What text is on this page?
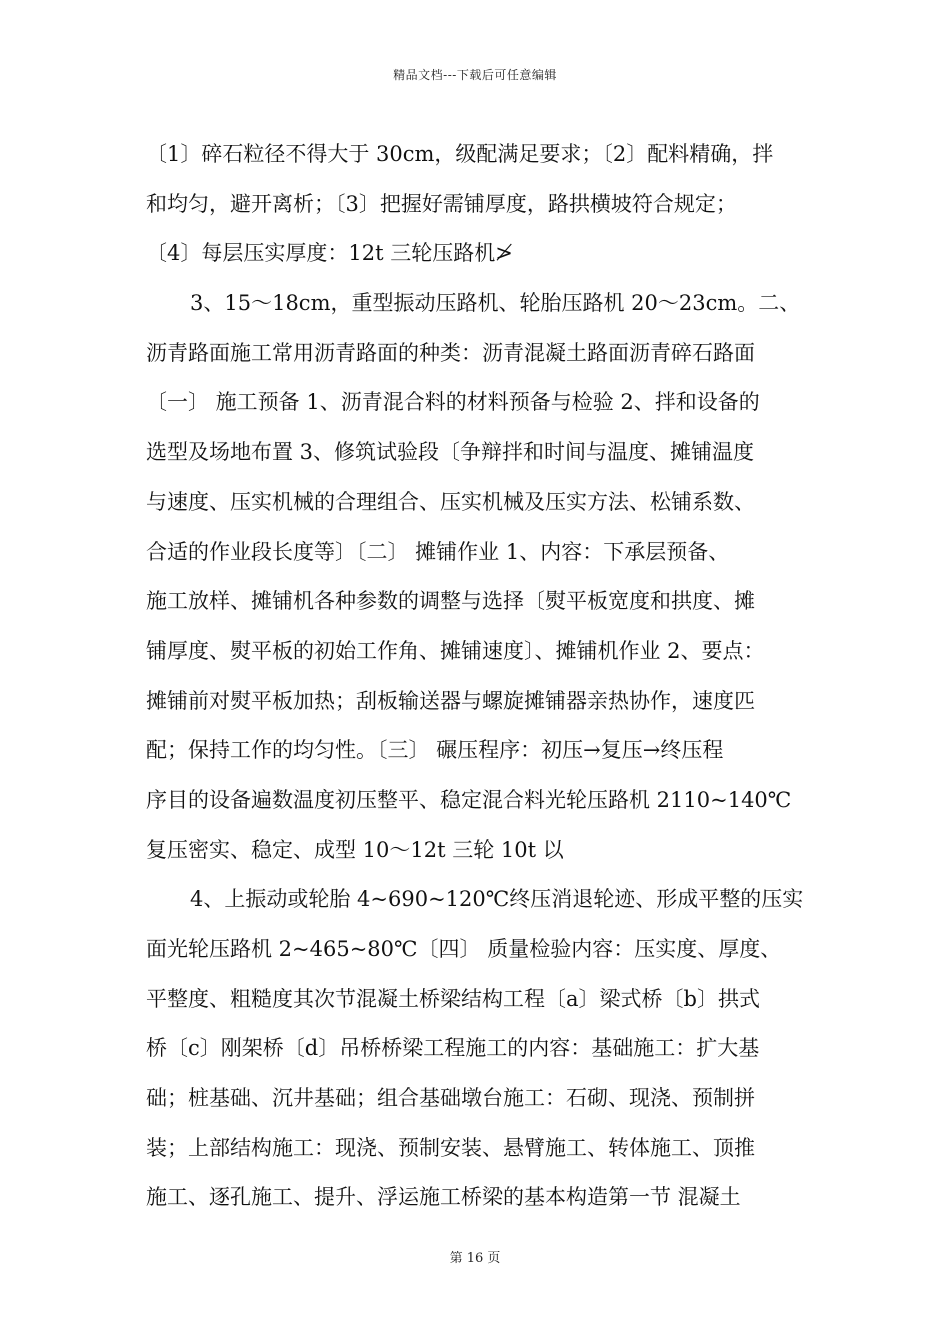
精品文档---下载后可任意编辑
〔1〕碎石粒径不得大于 30cm，级配满足要求；〔2〕配料精确，拌
和均匀，避开离析；〔3〕把握好需铺厚度，路拱横坡符合规定；
〔4〕每层压实厚度：12t 三轮压路机≯
3、15～18cm，重型振动压路机、轮胎压路机 20～23cm。二、
沥青路面施工常用沥青路面的种类：沥青混凝土路面沥青碎石路面
〔一〕 施工预备 1、沥青混合料的材料预备与检验 2、拌和设备的
选型及场地布置 3、修筑试验段〔争辩拌和时间与温度、摊铺温度
与速度、压实机械的合理组合、压实机械及压实方法、松铺系数、
合适的作业段长度等〕〔二〕 摊铺作业 1、内容：下承层预备、
施工放样、摊铺机各种参数的调整与选择〔熨平板宽度和拱度、摊
铺厚度、熨平板的初始工作角、摊铺速度〕、摊铺机作业 2、要点：
摊铺前对熨平板加热；刮板输送器与螺旋摊铺器亲热协作，速度匹
配；保持工作的均匀性。〔三〕 碾压程序：初压→复压→终压程
序目的设备遍数温度初压整平、稳定混合料光轮压路机 2110~140℃
复压密实、稳定、成型 10～12t 三轮 10t 以
4、上振动或轮胎 4~690~120℃终压消退轮迹、形成平整的压实
面光轮压路机 2~465~80℃〔四〕 质量检验内容：压实度、厚度、
平整度、粗糙度其次节混凝土桥梁结构工程〔a〕梁式桥〔b〕拱式
桥〔c〕刚架桥〔d〕吊桥桥梁工程施工的内容：基础施工：扩大基
础；桩基础、沉井基础；组合基础墩台施工：石砌、现浇、预制拼
装；上部结构施工：现浇、预制安装、悬臂施工、转体施工、顶推
施工、逐孔施工、提升、浮运施工桥梁的基本构造第一节 混凝土
第 16 页
